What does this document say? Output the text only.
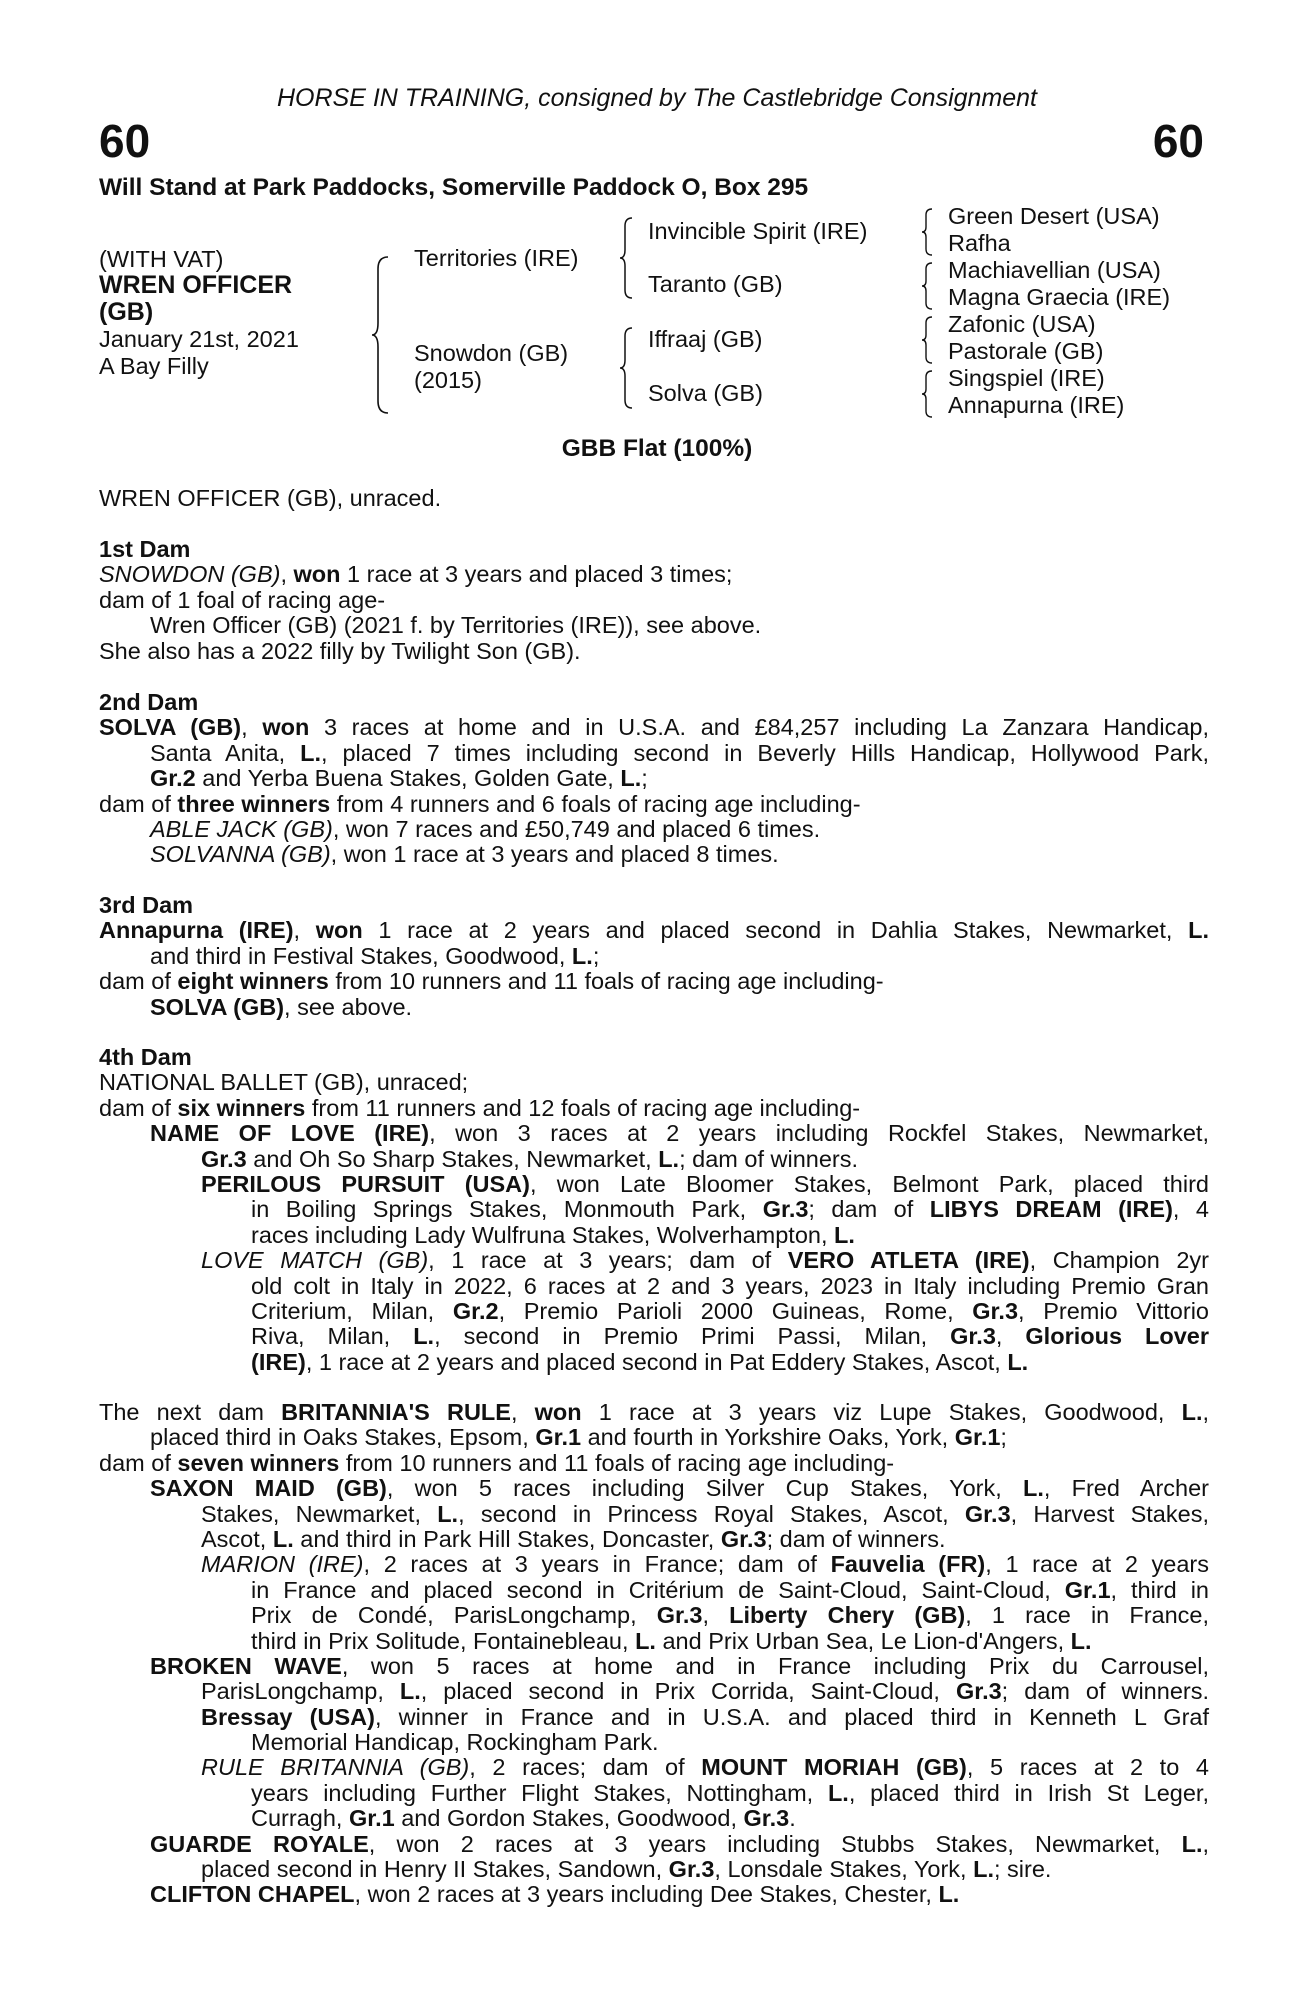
HORSE IN TRAINING, consigned by The Castlebridge Consignment
60	60
Will Stand at Park Paddocks, Somerville Paddock O, Box 295
(WITH VAT)
WREN OFFICER
(GB)
January 21st, 2021
A Bay Filly
Territories (IRE)
Snowdon (GB)
(2015)
Invincible Spirit (IRE)
Taranto (GB)
Iffraaj (GB)
Solva (GB)
Green Desert (USA)
Rafha
Machiavellian (USA)
Magna Graecia (IRE)
Zafonic (USA)
Pastorale (GB)
Singspiel (IRE)
Annapurna (IRE)
GBB Flat (100%)
WREN OFFICER (GB), unraced.
1st Dam
SNOWDON (GB), won 1 race at 3 years and placed 3 times;
dam of 1 foal of racing age-
Wren Officer (GB) (2021 f. by Territories (IRE)), see above.
She also has a 2022 filly by Twilight Son (GB).
2nd Dam
SOLVA (GB), won 3 races at home and in U.S.A. and £84,257 including La Zanzara Handicap,
Santa Anita, L., placed 7 times including second in Beverly Hills Handicap, Hollywood Park,
Gr.2 and Yerba Buena Stakes, Golden Gate, L.;
dam of three winners from 4 runners and 6 foals of racing age including-
ABLE JACK (GB), won 7 races and £50,749 and placed 6 times.
SOLVANNA (GB), won 1 race at 3 years and placed 8 times.
3rd Dam
Annapurna (IRE), won 1 race at 2 years and placed second in Dahlia Stakes, Newmarket, L.
and third in Festival Stakes, Goodwood, L.;
dam of eight winners from 10 runners and 11 foals of racing age including-
SOLVA (GB), see above.
4th Dam
NATIONAL BALLET (GB), unraced;
dam of six winners from 11 runners and 12 foals of racing age including-
NAME OF LOVE (IRE), won 3 races at 2 years including Rockfel Stakes, Newmarket,
Gr.3 and Oh So Sharp Stakes, Newmarket, L.; dam of winners.
PERILOUS PURSUIT (USA), won Late Bloomer Stakes, Belmont Park, placed third
in Boiling Springs Stakes, Monmouth Park, Gr.3; dam of LIBYS DREAM (IRE), 4
races including Lady Wulfruna Stakes, Wolverhampton, L.
LOVE MATCH (GB), 1 race at 3 years; dam of VERO ATLETA (IRE), Champion 2yr
old colt in Italy in 2022, 6 races at 2 and 3 years, 2023 in Italy including Premio Gran
Criterium, Milan, Gr.2, Premio Parioli 2000 Guineas, Rome, Gr.3, Premio Vittorio
Riva, Milan, L., second in Premio Primi Passi, Milan, Gr.3, Glorious Lover
(IRE), 1 race at 2 years and placed second in Pat Eddery Stakes, Ascot, L.
The next dam BRITANNIA'S RULE, won 1 race at 3 years viz Lupe Stakes, Goodwood, L.,
placed third in Oaks Stakes, Epsom, Gr.1 and fourth in Yorkshire Oaks, York, Gr.1;
dam of seven winners from 10 runners and 11 foals of racing age including-
SAXON MAID (GB), won 5 races including Silver Cup Stakes, York, L., Fred Archer
Stakes, Newmarket, L., second in Princess Royal Stakes, Ascot, Gr.3, Harvest Stakes,
Ascot, L. and third in Park Hill Stakes, Doncaster, Gr.3; dam of winners.
MARION (IRE), 2 races at 3 years in France; dam of Fauvelia (FR), 1 race at 2 years
in France and placed second in Critérium de Saint-Cloud, Saint-Cloud, Gr.1, third in
Prix de Condé, ParisLongchamp, Gr.3, Liberty Chery (GB), 1 race in France,
third in Prix Solitude, Fontainebleau, L. and Prix Urban Sea, Le Lion-d'Angers, L.
BROKEN WAVE, won 5 races at home and in France including Prix du Carrousel,
ParisLongchamp, L., placed second in Prix Corrida, Saint-Cloud, Gr.3; dam of winners.
Bressay (USA), winner in France and in U.S.A. and placed third in Kenneth L Graf
Memorial Handicap, Rockingham Park.
RULE BRITANNIA (GB), 2 races; dam of MOUNT MORIAH (GB), 5 races at 2 to 4
years including Further Flight Stakes, Nottingham, L., placed third in Irish St Leger,
Curragh, Gr.1 and Gordon Stakes, Goodwood, Gr.3.
GUARDE ROYALE, won 2 races at 3 years including Stubbs Stakes, Newmarket, L.,
placed second in Henry II Stakes, Sandown, Gr.3, Lonsdale Stakes, York, L.; sire.
CLIFTON CHAPEL, won 2 races at 3 years including Dee Stakes, Chester, L.
